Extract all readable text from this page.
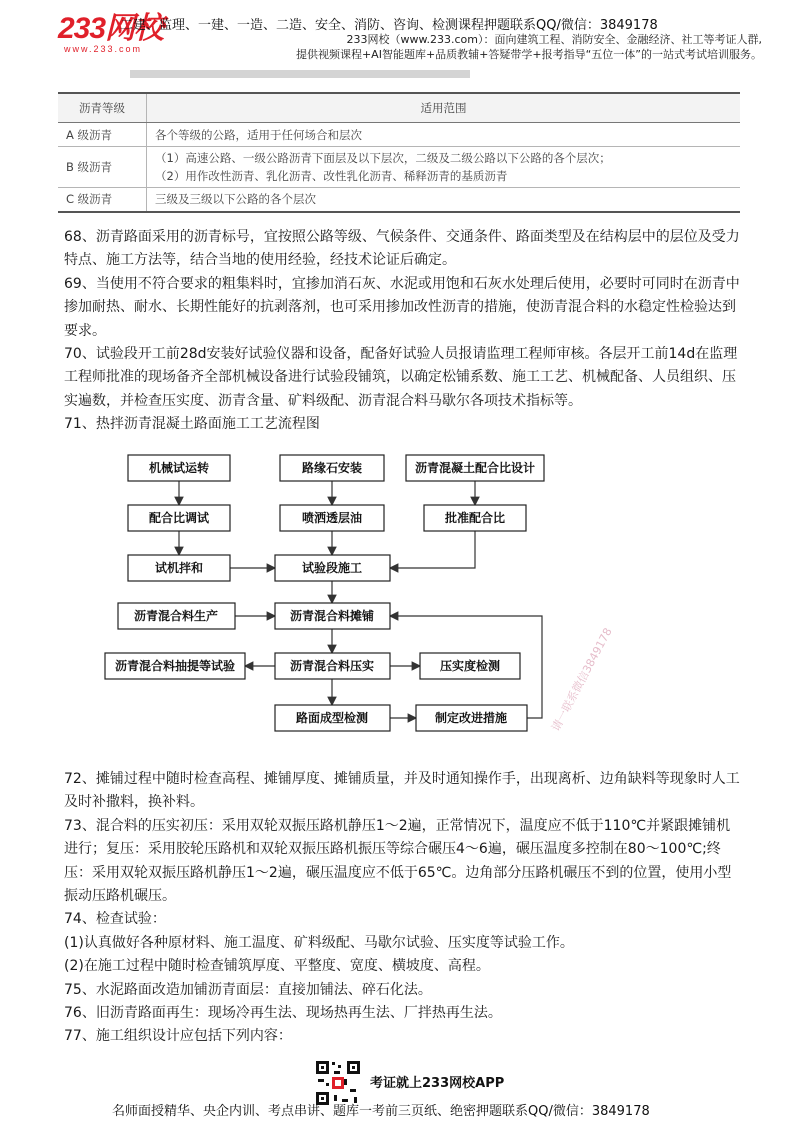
233网校
www.233.com
二建、监理、一建、一造、二造、安全、消防、咨询、检测课程押题联系QQ/微信：3849178
233网校（www.233.com）：面向建筑工程、消防安全、金融经济、社工等考证人群,
提供视频课程+AI智能题库+品质教辅+答疑带学+报考指导“五位一体”的一站式考试培训服务。
沥青等级	适用范围
A 级沥青	各个等级的公路，适用于任何场合和层次
B 级沥青	（1）高速公路、一级公路沥青下面层及以下层次，二级及二级公路以下公路的各个层次；
（2）用作改性沥青、乳化沥青、改性乳化沥青、稀释沥青的基质沥青

C 级沥青	三级及三级以下公路的各个层次

68、沥青路面采用的沥青标号，宜按照公路等级、气候条件、交通条件、路面类型及在结构层中的层位及受力特点、施工方法等，结合当地的使用经验，经技术论证后确定。

69、当使用不符合要求的粗集料时，宜掺加消石灰、水泥或用饱和石灰水处理后使用，必要时可同时在沥青中掺加耐热、耐水、长期性能好的抗剥落剂，也可采用掺加改性沥青的措施，使沥青混合料的水稳定性检验达到要求。

70、试验段开工前28d安装好试验仪器和设备，配备好试验人员报请监理工程师审核。各层开工前14d在监理工程师批准的现场备齐全部机械设备进行试验段铺筑，以确定松铺系数、施工工艺、机械配备、人员组织、压实遍数，并检查压实度、沥青含量、矿料级配、沥青混合料马歇尔各项技术指标等。

71、热拌沥青混凝土路面施工工艺流程图

机械试运转	路缘石安装	沥青混凝土配合比设计
配合比调试	喷洒透层油	批准配合比
试机拌和	试验段施工
沥青混合料生产	沥青混合料摊铺
沥青混合料抽提等试验	沥青混合料压实	压实度检测
路面成型检测	制定改进措施	请一联系微信3849178

72、摊铺过程中随时检查高程、摊铺厚度、摊铺质量，并及时通知操作手，出现离析、边角缺料等现象时人工及时补撒料，换补料。

73、混合料的压实初压：采用双轮双振压路机静压1～2遍，正常情况下，温度应不低于110℃并紧跟摊铺机进行；复压：采用胶轮压路机和双轮双振压路机振压等综合碾压4～6遍，碾压温度多控制在80～100℃;终压：采用双轮双振压路机静压1～2遍，碾压温度应不低于65℃。边角部分压路机碾压不到的位置，使用小型振动压路机碾压。

74、检查试验：

(1)认真做好各种原材料、施工温度、矿料级配、马歇尔试验、压实度等试验工作。

(2)在施工过程中随时检查铺筑厚度、平整度、宽度、横坡度、高程。

75、水泥路面改造加铺沥青面层：直接加铺法、碎石化法。

76、旧沥青路面再生：现场冷再生法、现场热再生法、厂拌热再生法。

77、施工组织设计应包括下列内容：

考证就上233网校APP
名师面授精华、央企内训、考点串讲、题库一考前三页纸、绝密押题联系QQ/微信：3849178
